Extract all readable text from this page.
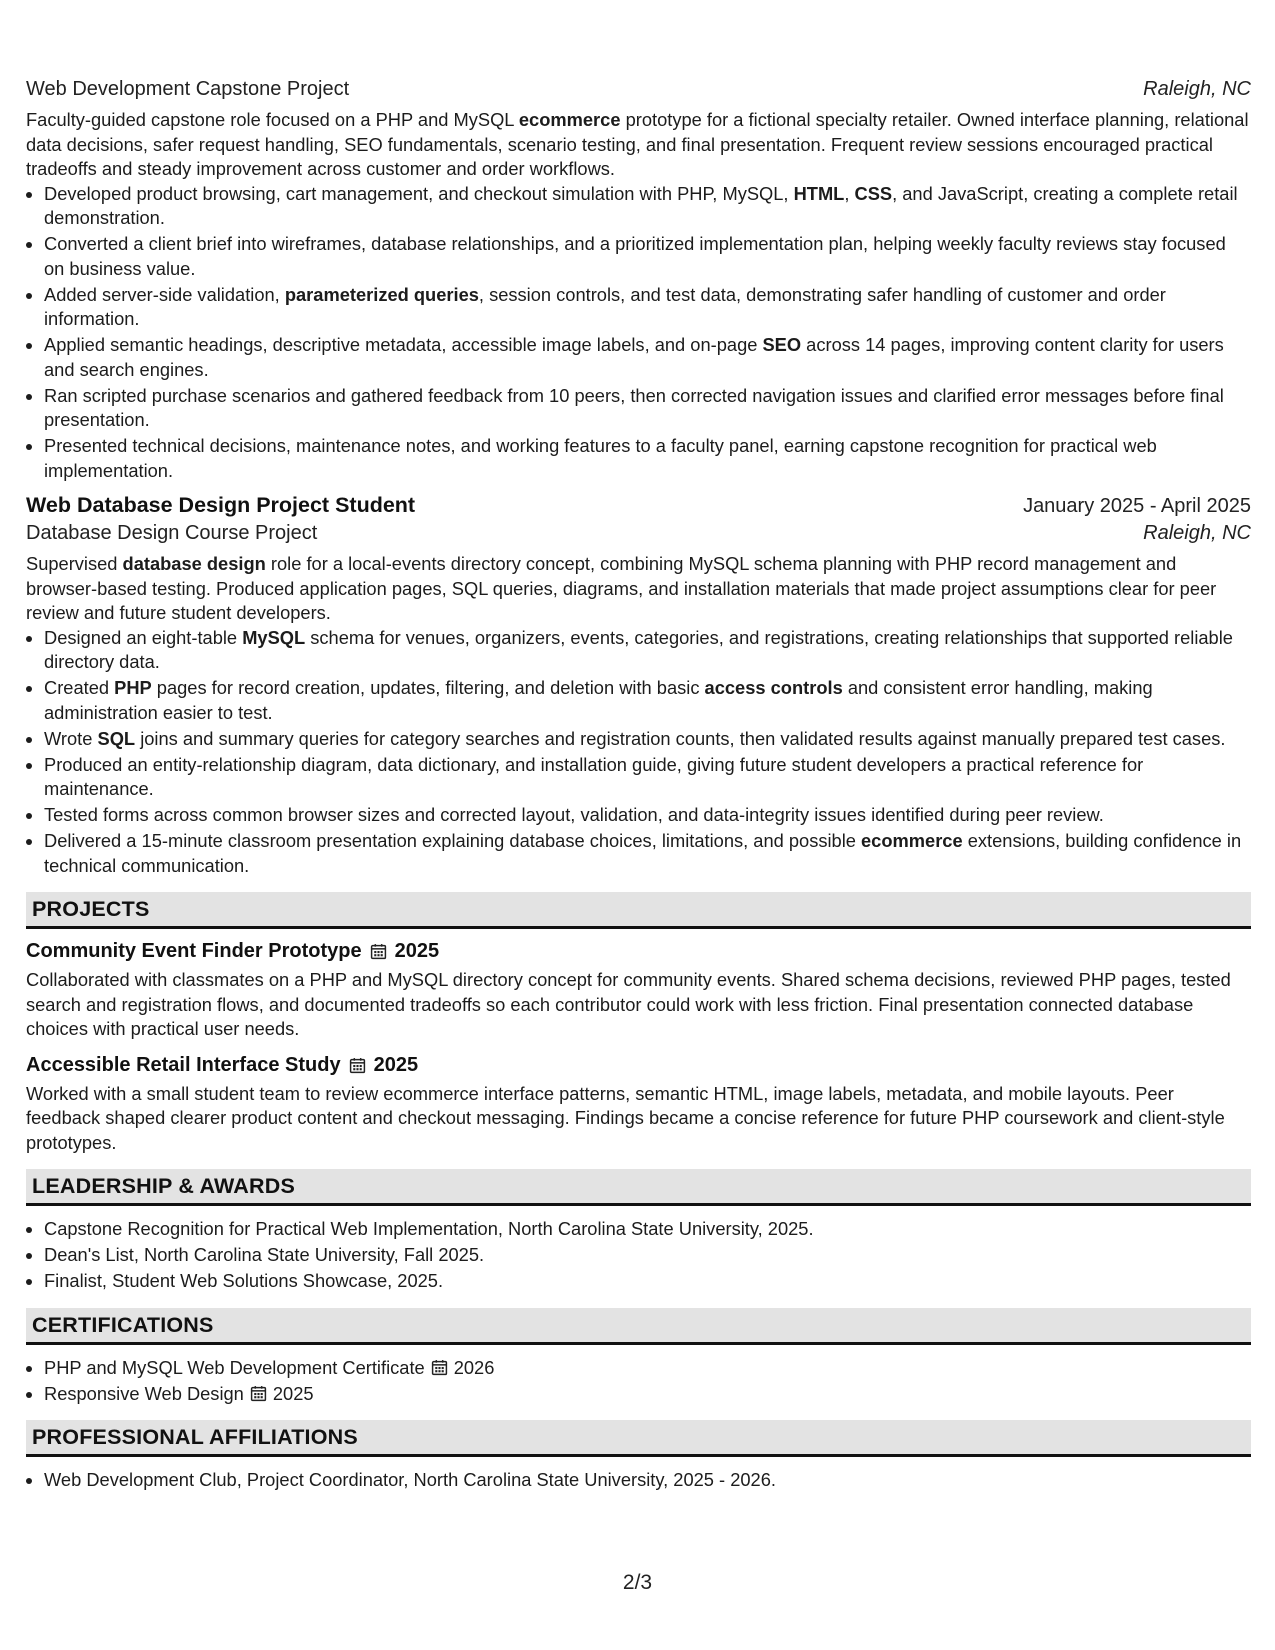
Web Development Capstone Project	Raleigh, NC

Faculty-guided capstone role focused on a PHP and MySQL ecommerce prototype for a fictional specialty retailer. Owned interface planning, relational data decisions, safer request handling, SEO fundamentals, scenario testing, and final presentation. Frequent review sessions encouraged practical tradeoffs and steady improvement across customer and order workflows.

• Developed product browsing, cart management, and checkout simulation with PHP, MySQL, HTML, CSS, and JavaScript, creating a complete retail demonstration.
• Converted a client brief into wireframes, database relationships, and a prioritized implementation plan, helping weekly faculty reviews stay focused on business value.
• Added server-side validation, parameterized queries, session controls, and test data, demonstrating safer handling of customer and order information.
• Applied semantic headings, descriptive metadata, accessible image labels, and on-page SEO across 14 pages, improving content clarity for users and search engines.
• Ran scripted purchase scenarios and gathered feedback from 10 peers, then corrected navigation issues and clarified error messages before final presentation.
• Presented technical decisions, maintenance notes, and working features to a faculty panel, earning capstone recognition for practical web implementation.
Web Database Design Project Student	January 2025 - April 2025
Database Design Course Project	Raleigh, NC

Supervised database design role for a local-events directory concept, combining MySQL schema planning with PHP record management and browser-based testing. Produced application pages, SQL queries, diagrams, and installation materials that made project assumptions clear for peer review and future student developers.

• Designed an eight-table MySQL schema for venues, organizers, events, categories, and registrations, creating relationships that supported reliable directory data.
• Created PHP pages for record creation, updates, filtering, and deletion with basic access controls and consistent error handling, making administration easier to test.
• Wrote SQL joins and summary queries for category searches and registration counts, then validated results against manually prepared test cases.
• Produced an entity-relationship diagram, data dictionary, and installation guide, giving future student developers a practical reference for maintenance.
• Tested forms across common browser sizes and corrected layout, validation, and data-integrity issues identified during peer review.
• Delivered a 15-minute classroom presentation explaining database choices, limitations, and possible ecommerce extensions, building confidence in technical communication.
PROJECTS
Community Event Finder Prototype 2025

Collaborated with classmates on a PHP and MySQL directory concept for community events. Shared schema decisions, reviewed PHP pages, tested search and registration flows, and documented tradeoffs so each contributor could work with less friction. Final presentation connected database choices with practical user needs.

Accessible Retail Interface Study 2025

Worked with a small student team to review ecommerce interface patterns, semantic HTML, image labels, metadata, and mobile layouts. Peer feedback shaped clearer product content and checkout messaging. Findings became a concise reference for future PHP coursework and client-style prototypes.

LEADERSHIP & AWARDS
• Capstone Recognition for Practical Web Implementation, North Carolina State University, 2025.
• Dean's List, North Carolina State University, Fall 2025.
• Finalist, Student Web Solutions Showcase, 2025.
CERTIFICATIONS
• PHP and MySQL Web Development Certificate 2026
• Responsive Web Design 2025
PROFESSIONAL AFFILIATIONS
• Web Development Club, Project Coordinator, North Carolina State University, 2025 - 2026.
2/3
